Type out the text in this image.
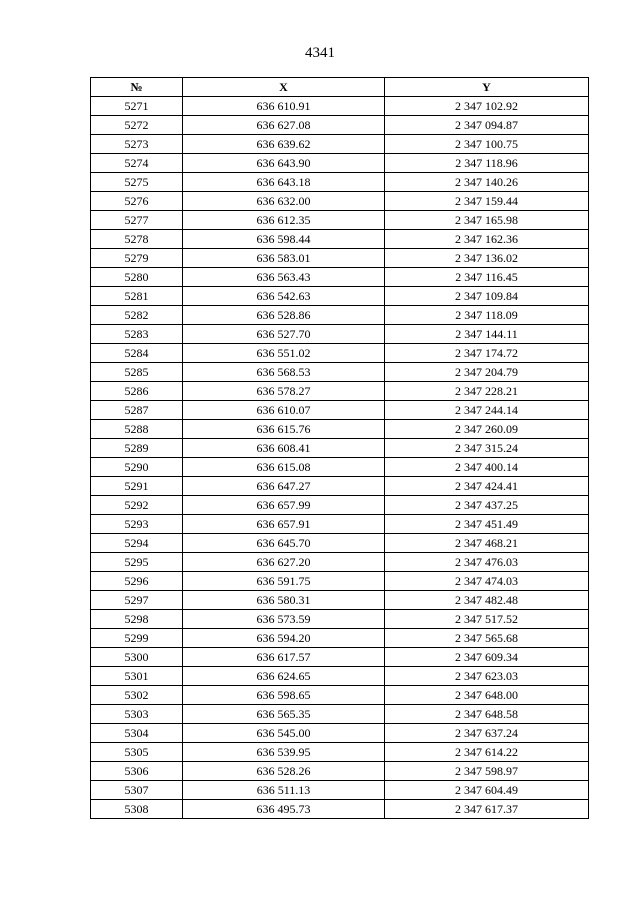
4341
№	X	Y
5271	636 610.91	2 347 102.92
5272	636 627.08	2 347 094.87
5273	636 639.62	2 347 100.75
5274	636 643.90	2 347 118.96
5275	636 643.18	2 347 140.26
5276	636 632.00	2 347 159.44
5277	636 612.35	2 347 165.98
5278	636 598.44	2 347 162.36
5279	636 583.01	2 347 136.02
5280	636 563.43	2 347 116.45
5281	636 542.63	2 347 109.84
5282	636 528.86	2 347 118.09
5283	636 527.70	2 347 144.11
5284	636 551.02	2 347 174.72
5285	636 568.53	2 347 204.79
5286	636 578.27	2 347 228.21
5287	636 610.07	2 347 244.14
5288	636 615.76	2 347 260.09
5289	636 608.41	2 347 315.24
5290	636 615.08	2 347 400.14
5291	636 647.27	2 347 424.41
5292	636 657.99	2 347 437.25
5293	636 657.91	2 347 451.49
5294	636 645.70	2 347 468.21
5295	636 627.20	2 347 476.03
5296	636 591.75	2 347 474.03
5297	636 580.31	2 347 482.48
5298	636 573.59	2 347 517.52
5299	636 594.20	2 347 565.68
5300	636 617.57	2 347 609.34
5301	636 624.65	2 347 623.03
5302	636 598.65	2 347 648.00
5303	636 565.35	2 347 648.58
5304	636 545.00	2 347 637.24
5305	636 539.95	2 347 614.22
5306	636 528.26	2 347 598.97
5307	636 511.13	2 347 604.49
5308	636 495.73	2 347 617.37
